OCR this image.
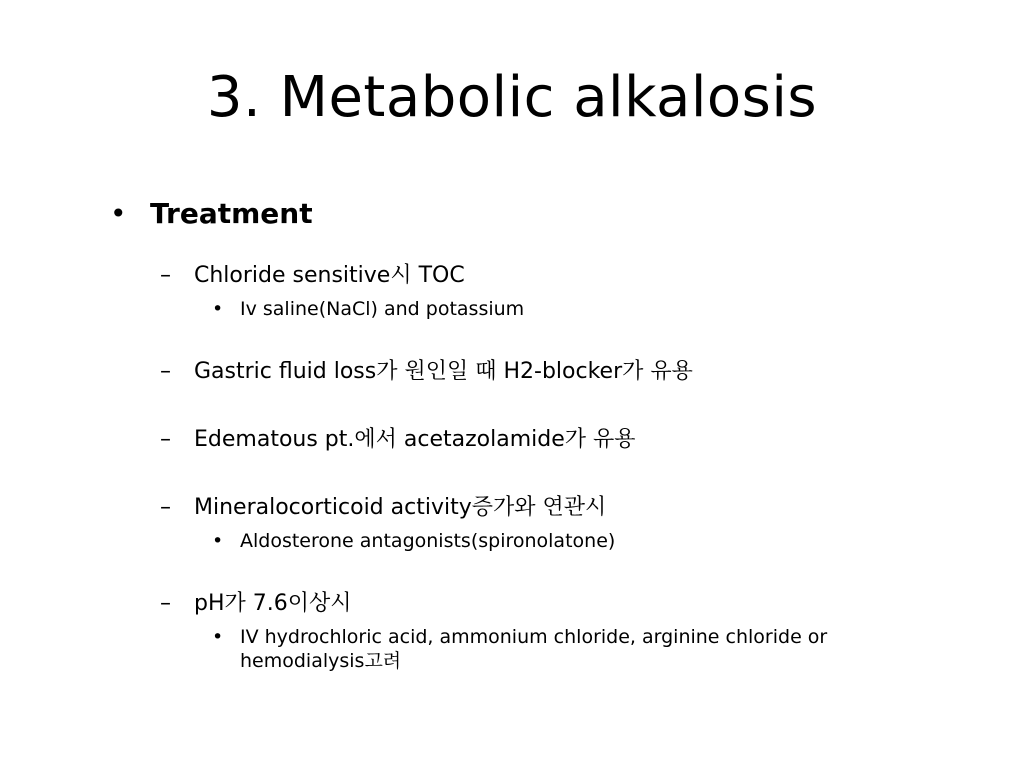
3. Metabolic alkalosis
• Treatment
– Chloride sensitive시 TOC
• Iv saline(NaCl) and potassium
– Gastric fluid loss가 원인일 때 H2-blocker가 유용
– Edematous pt.에서 acetazolamide가 유용
– Mineralocorticoid activity증가와 연관시
• Aldosterone antagonists(spironolatone)
– pH가 7.6이상시
• IV hydrochloric acid, ammonium chloride, arginine chloride or hemodialysis고려
